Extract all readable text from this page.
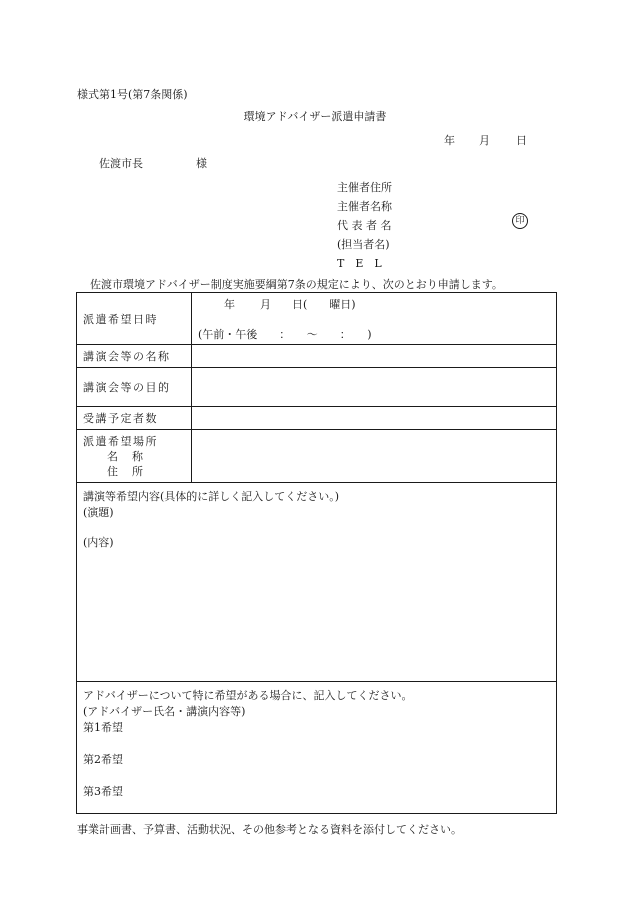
様式第1号(第7条関係)
環境アドバイザー派遣申請書
年 月 日
佐渡市長	様
主催者住所
主催者名称
代 表 者 名	印
(担当者名)
T　E　L
佐渡市環境アドバイザー制度実施要綱第7条の規定により、次のとおり申請します。
派遣希望日時	年 月 日(　　曜日)
(午前・午後　　：　　～　　：　　)

講演会等の名称	
講演会等の目的	
受講予定者数	

派遣希望場所
名　称
住　所	

講演等希望内容(具体的に詳しく記入してください。)
(演題)
(内容)	

アドバイザーについて特に希望がある場合に、記入してください。
(アドバイザー氏名・講演内容等)
第1希望
第2希望
第3希望	
事業計画書、予算書、活動状況、その他参考となる資料を添付してください。
